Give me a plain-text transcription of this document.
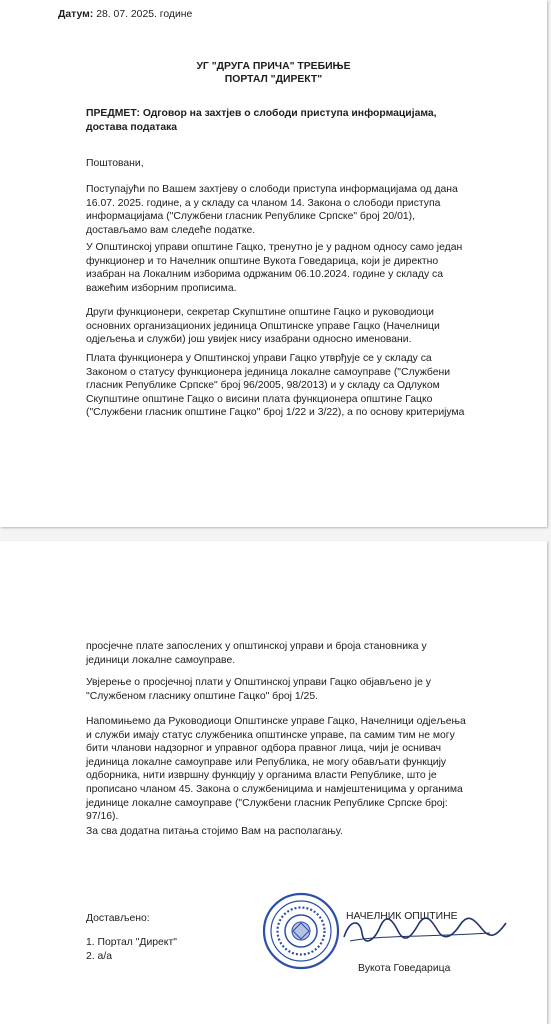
Датум: 28. 07. 2025. године
УГ "ДРУГА ПРИЧА" ТРЕБИЊЕ
ПОРТАЛ "ДИРЕКТ"
ПРЕДМЕТ: Одговор на захтјев о слободи приступа информацијама,
достава података
Поштовани,
Поступајући по Вашем захтјеву о слободи приступа информацијама од дана
16.07. 2025. године, а у складу са чланом 14. Закона о слободи приступа
информацијама ("Службени гласник Републике Српске" број 20/01),
достављамо вам следеће податке.
У Општинској управи општине Гацко, тренутно је у радном односу само један
функционер и то Начелник општине Вукота Говедарица, који је директно
изабран на Локалним изборима одржаним 06.10.2024. године у складу са
важећим изборним прописима.
Други функционери, секретар Скупштине општине Гацко и руководиоци
основних организационих јединица Општинске управе Гацко (Начелници
одјељења и служби) још увијек нису изабрани односно именовани.
Плата функционера у Општинској управи Гацко утврђује се у складу са
Законом о статусу функционера јединица локалне самоуправе ("Службени
гласник Републике Српске" број 96/2005, 98/2013) и у складу са Одлуком
Скупштине општине Гацко о висини плата функционера општине Гацко
("Службени гласник општине Гацко" број 1/22 и 3/22), а по основу критеријума
просјечне плате запослених у општинској управи и броја становника у
јединици локалне самоуправе.
Увјерење о просјечној плати у Општинској управи Гацко објављено је у
"Службеном гласнику општине Гацко" број 1/25.
Напомињемо да Руководиоци Општинске управе Гацко, Начелници одјељења
и служби имају статус службеника општинске управе, па самим тим не могу
бити чланови надзорног и управног одбора правног лица, чији је оснивач
јединица локалне самоуправе или Република, не могу обављати функцију
одборника, нити извршну функцију у органима власти Републике, што је
прописано чланом 45. Закона о службеницима и намјештеницима у органима
јединице локалне самоуправе ("Службени гласник Републике Српске број:
97/16).
За сва додатна питања стојимо Вам на располагању.
Достављено:
1. Портал "Директ"
2. а/а
НАЧЕЛНИК ОПШТИНЕ
Вукота Говедарица
